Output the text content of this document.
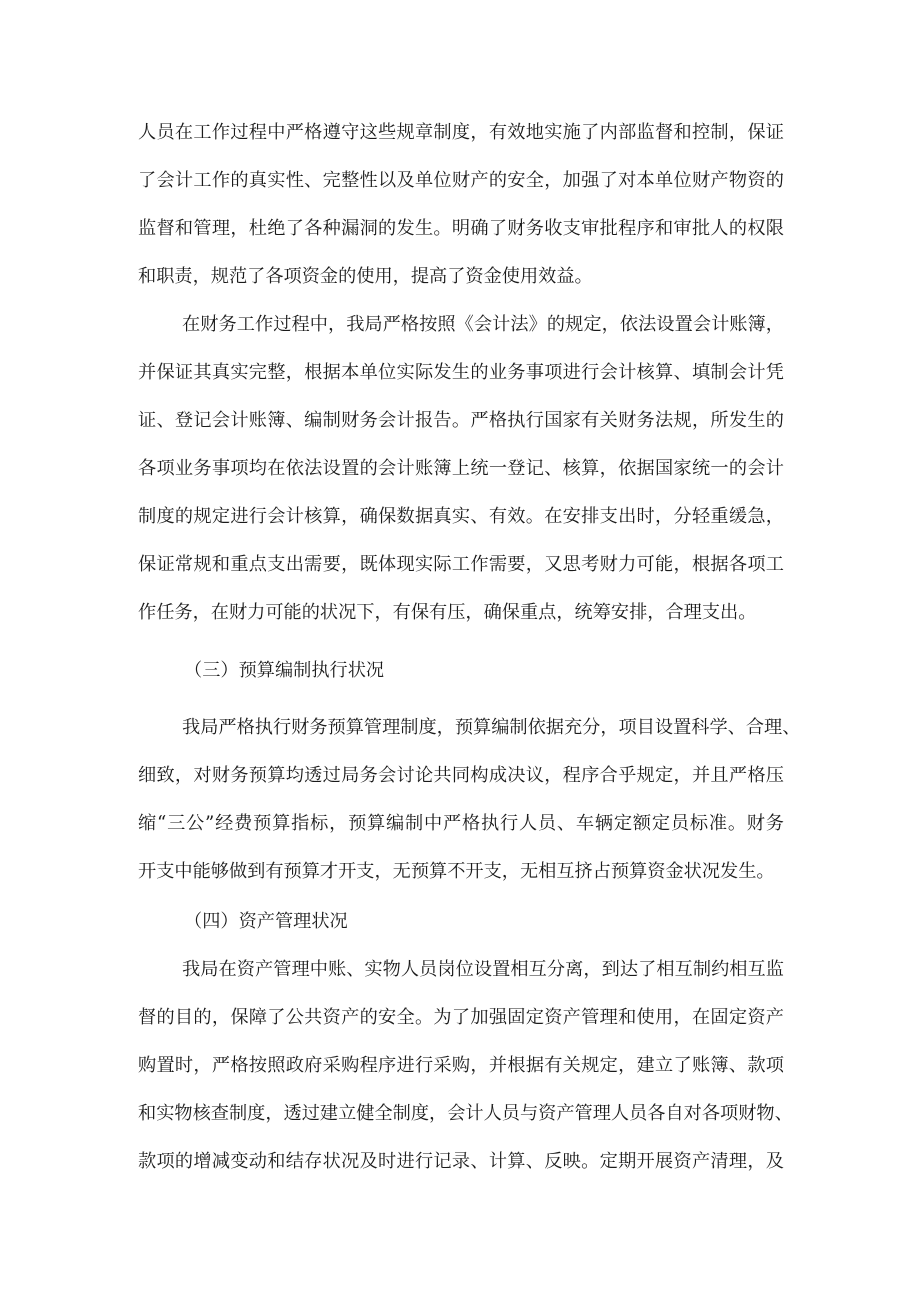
人员在工作过程中严格遵守这些规章制度，有效地实施了内部监督和控制，保证
了会计工作的真实性、完整性以及单位财产的安全，加强了对本单位财产物资的
监督和管理，杜绝了各种漏洞的发生。明确了财务收支审批程序和审批人的权限
和职责，规范了各项资金的使用，提高了资金使用效益。
在财务工作过程中，我局严格按照《会计法》的规定，依法设置会计账簿，
并保证其真实完整，根据本单位实际发生的业务事项进行会计核算、填制会计凭
证、登记会计账簿、编制财务会计报告。严格执行国家有关财务法规，所发生的
各项业务事项均在依法设置的会计账簿上统一登记、核算，依据国家统一的会计
制度的规定进行会计核算，确保数据真实、有效。在安排支出时，分轻重缓急，
保证常规和重点支出需要，既体现实际工作需要，又思考财力可能，根据各项工
作任务，在财力可能的状况下，有保有压，确保重点，统筹安排，合理支出。
（三）预算编制执行状况
我局严格执行财务预算管理制度，预算编制依据充分，项目设置科学、合理、
细致，对财务预算均透过局务会讨论共同构成决议，程序合乎规定，并且严格压
缩“三公”经费预算指标，预算编制中严格执行人员、车辆定额定员标准。财务
开支中能够做到有预算才开支，无预算不开支，无相互挤占预算资金状况发生。
（四）资产管理状况
我局在资产管理中账、实物人员岗位设置相互分离，到达了相互制约相互监
督的目的，保障了公共资产的安全。为了加强固定资产管理和使用，在固定资产
购置时，严格按照政府采购程序进行采购，并根据有关规定，建立了账簿、款项
和实物核查制度，透过建立健全制度，会计人员与资产管理人员各自对各项财物、
款项的增减变动和结存状况及时进行记录、计算、反映。定期开展资产清理，及
